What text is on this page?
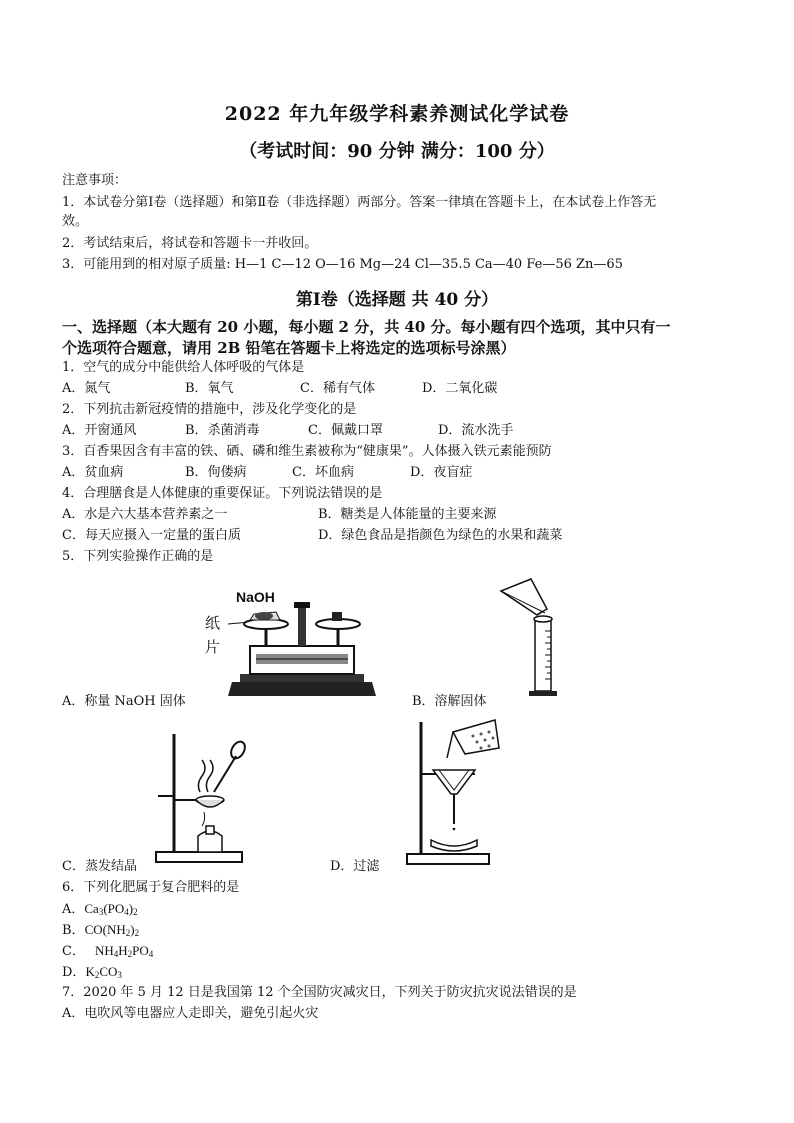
2022 年九年级学科素养测试化学试卷
（考试时间：90 分钟 满分：100 分）
注意事项：
1．本试卷分第Ⅰ卷（选择题）和第Ⅱ卷（非选择题）两部分。答案一律填在答题卡上，在本试卷上作答无
效。
2．考试结束后，将试卷和答题卡一并收回。
3．可能用到的相对原子质量: H—1 C—12 O—16 Mg—24 Cl—35.5 Ca—40 Fe—56 Zn—65
第Ⅰ卷（选择题 共 40 分）
一、选择题（本大题有 20 小题，每小题 2 分，共 40 分。每小题有四个选项，其中只有一
个选项符合题意，请用 2B 铅笔在答题卡上将选定的选项标号涂黑）
1．空气的成分中能供给人体呼吸的气体是
A．氮气	B．氧气	C．稀有气体	D．二氧化碳
2．下列抗击新冠疫情的措施中，涉及化学变化的是
A．开窗通风	B．杀菌消毒	C．佩戴口罩	D．流水洗手
3．百香果因含有丰富的铁、硒、磷和维生素被称为“健康果”。人体摄入铁元素能预防
A．贫血病	B．佝偻病	C．坏血病	D．夜盲症
4．合理膳食是人体健康的重要保证。下列说法错误的是
A．水是六大基本营养素之一	B．糖类是人体能量的主要来源
C．每天应摄入一定量的蛋白质	D．绿色食品是指颜色为绿色的水果和蔬菜
5．下列实验操作正确的是
NaOH
纸
片
A．称量 NaOH 固体	B．溶解固体
C．蒸发结晶	D．过滤
6．下列化肥属于复合肥料的是
A．$Ca_3(PO_4)_2$
B．$CO(NH_2)_2$
C． $NH_4H_2PO_4$
D．$K_2CO_3$
7．2020 年 5 月 12 日是我国第 12 个全国防灾减灾日，下列关于防灾抗灾说法错误的是
A．电吹风等电器应人走即关，避免引起火灾
